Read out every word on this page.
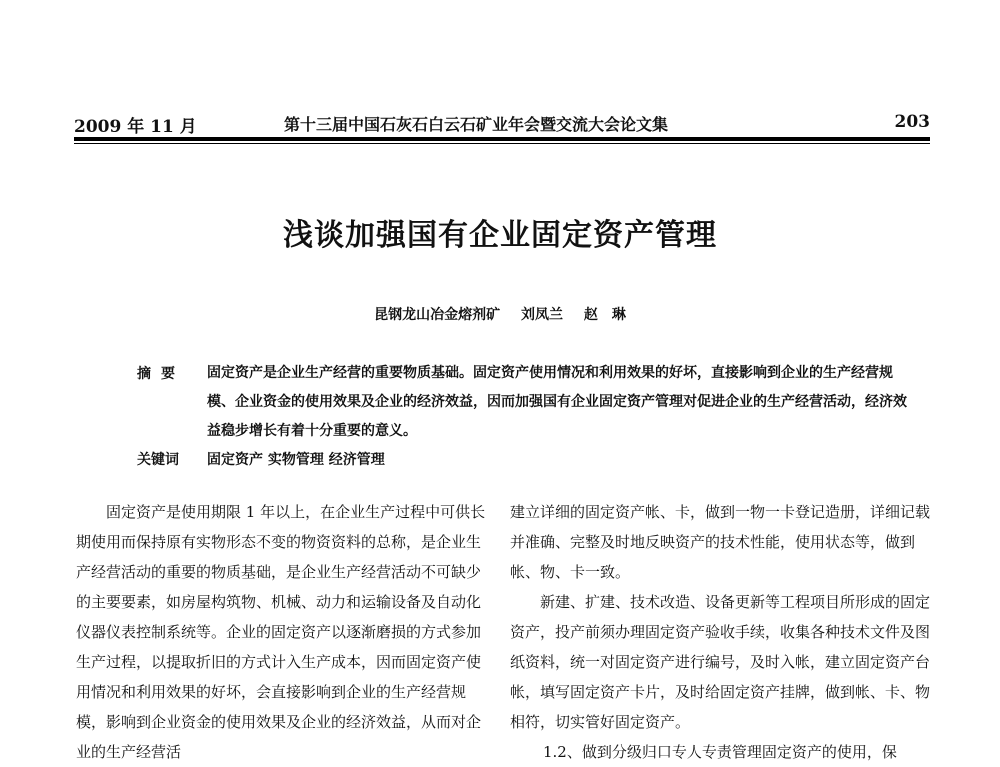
2009 年 11 月	第十三届中国石灰石白云石矿业年会暨交流大会论文集	203
浅谈加强国有企业固定资产管理
昆钢龙山冶金熔剂矿 刘凤兰 赵　琳
摘要 固定资产是企业生产经营的重要物质基础。固定资产使用情况和利用效果的好坏，直接影响到企业的生产经营规模、企业资金的使用效果及企业的经济效益，因而加强国有企业固定资产管理对促进企业的生产经营活动，经济效益稳步增长有着十分重要的意义。
关键词 固定资产 实物管理 经济管理

固定资产是使用期限 1 年以上，在企业生产过程中可供长期使用而保持原有实物形态不变的物资资料的总称，是企业生产经营活动的重要的物质基础，是企业生产经营活动不可缺少的主要要素，如房屋构筑物、机械、动力和运输设备及自动化仪器仪表控制系统等。企业的固定资产以逐渐磨损的方式参加生产过程，以提取折旧的方式计入生产成本，因而固定资产使用情况和利用效果的好坏，会直接影响到企业的生产经营规模，影响到企业资金的使用效果及企业的经济效益，从而对企业的生产经营活

建立详细的固定资产帐、卡，做到一物一卡登记造册，详细记载并准确、完整及时地反映资产的技术性能，使用状态等，做到帐、物、卡一致。

新建、扩建、技术改造、设备更新等工程项目所形成的固定资产，投产前须办理固定资产验收手续，收集各种技术文件及图纸资料，统一对固定资产进行编号，及时入帐，建立固定资产台帐，填写固定资产卡片，及时给固定资产挂牌，做到帐、卡、物相符，切实管好固定资产。

1.2、做到分级归口专人专责管理固定资产的使用，保
